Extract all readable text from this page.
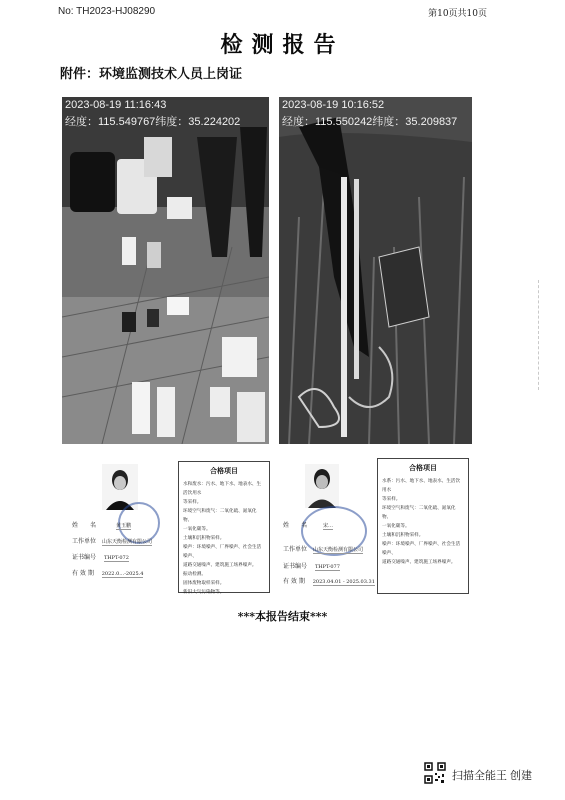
No: TH2023-HJ08290	第10页共10页
检测报告
附件：环境监测技术人员上岗证
2023-08-19 11:16:43
经度：115.549767纬度：35.224202
2023-08-19 10:16:52
经度：115.550242纬度：35.209837
姓　　名	黄玉鹏
工作单位 山东天衡检测有限公司
证书编号 THPT-072
有 效 期 2022.0…-2025.4
合格项目
水和废水：污水、地下水、地表水、生活饮用水
等采样。
环境空气和废气：二氧化硫、氮氧化物、
一氧化碳等。
土壤和沉积物采样。
噪声：环境噪声、厂界噪声、社会生活噪声、
道路交通噪声、建筑施工场界噪声。
振动检测。
固体废物取样采样。
新旧大气污染物等。
姓　　名	宋…
工作单位 山东天衡检测有限公司
证书编号 THPT-077
有 效 期 2023.04.01 - 2025.03.31
合格项目
水系：污水、地下水、地表水、生活饮用水
等采样。
环境空气和废气：二氧化硫、氮氧化物、
一氧化碳等。
土壤和沉积物采样。
噪声：环境噪声、厂界噪声、社会生活噪声、
道路交通噪声、建筑施工场界噪声。
***本报告结束***
扫描全能王 创建
